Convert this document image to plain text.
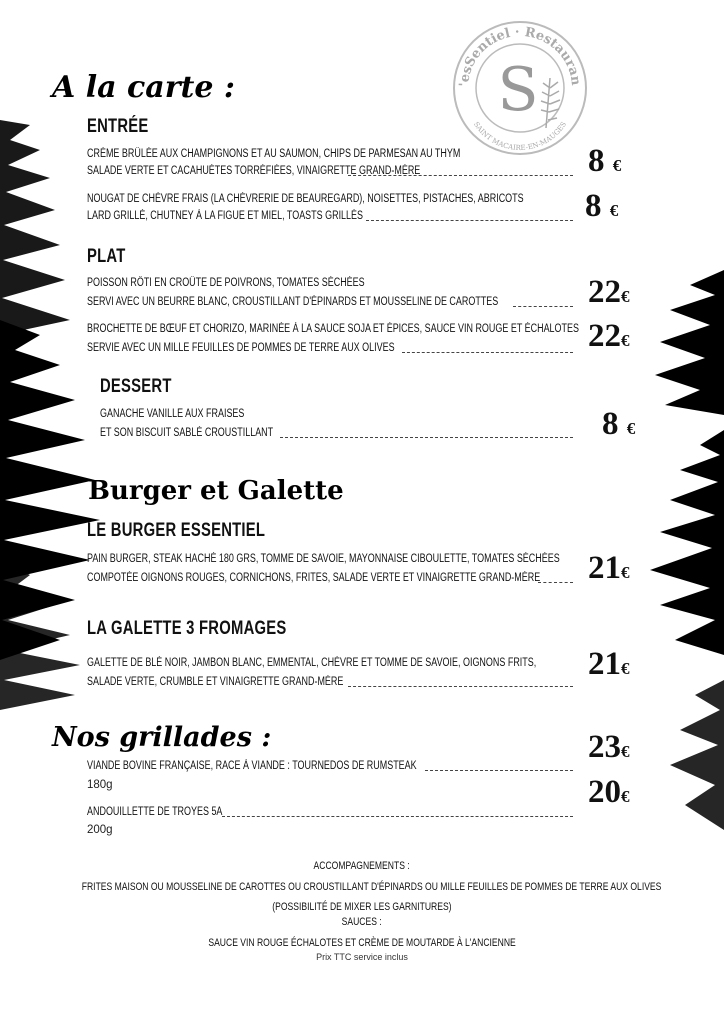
'esSentiel · Restauran
SAINT MACAIRE-EN-MAUGES
S
A la carte :
ENTRÉE
CRÈME BRÛLÉE AUX CHAMPIGNONS ET AU SAUMON, CHIPS DE PARMESAN AU THYM
SALADE VERTE ET CACAHUÈTES TORRÉFIÉES, VINAIGRETTE GRAND-MÈRE	8 €
NOUGAT DE CHÈVRE FRAIS (LA CHÈVRERIE DE BEAUREGARD), NOISETTES, PISTACHES, ABRICOTS
LARD GRILLÉ, CHUTNEY À LA FIGUE ET MIEL, TOASTS GRILLÉS	8 €
PLAT
POISSON RÔTI EN CROÛTE DE POIVRONS, TOMATES SÉCHÉES
SERVI AVEC UN BEURRE BLANC, CROUSTILLANT D'ÉPINARDS ET MOUSSELINE DE CAROTTES	22€
BROCHETTE DE BŒUF ET CHORIZO, MARINÉE À LA SAUCE SOJA ET ÉPICES, SAUCE VIN ROUGE ET ÉCHALOTES
SERVIE AVEC UN MILLE FEUILLES DE POMMES DE TERRE AUX OLIVES	22€
DESSERT
GANACHE VANILLE AUX FRAISES
ET SON BISCUIT SABLÉ CROUSTILLANT	8 €
Burger et Galette
LE BURGER ESSENTIEL
PAIN BURGER, STEAK HACHÉ 180 GRS, TOMME DE SAVOIE, MAYONNAISE CIBOULETTE, TOMATES SÉCHÉES
COMPOTÉE OIGNONS ROUGES, CORNICHONS, FRITES, SALADE VERTE ET VINAIGRETTE GRAND-MÈRE 21€
LA GALETTE 3 FROMAGES
GALETTE DE BLÉ NOIR, JAMBON BLANC, EMMENTAL, CHÈVRE ET TOMME DE SAVOIE, OIGNONS FRITS,
SALADE VERTE, CRUMBLE ET VINAIGRETTE GRAND-MÈRE	21€
Nos grillades :
VIANDE BOVINE FRANÇAISE, RACE À VIANDE : TOURNEDOS DE RUMSTEAK
180g
23€
ANDOUILLETTE DE TROYES 5A
200g
20€
ACCOMPAGNEMENTS :
FRITES MAISON OU MOUSSELINE DE CAROTTES OU CROUSTILLANT D'ÉPINARDS OU MILLE FEUILLES DE POMMES DE TERRE AUX OLIVES
(POSSIBILITÉ DE MIXER LES GARNITURES)
SAUCES :
SAUCE VIN ROUGE ÉCHALOTES ET CRÈME DE MOUTARDE À L'ANCIENNE
Prix TTC service inclus
